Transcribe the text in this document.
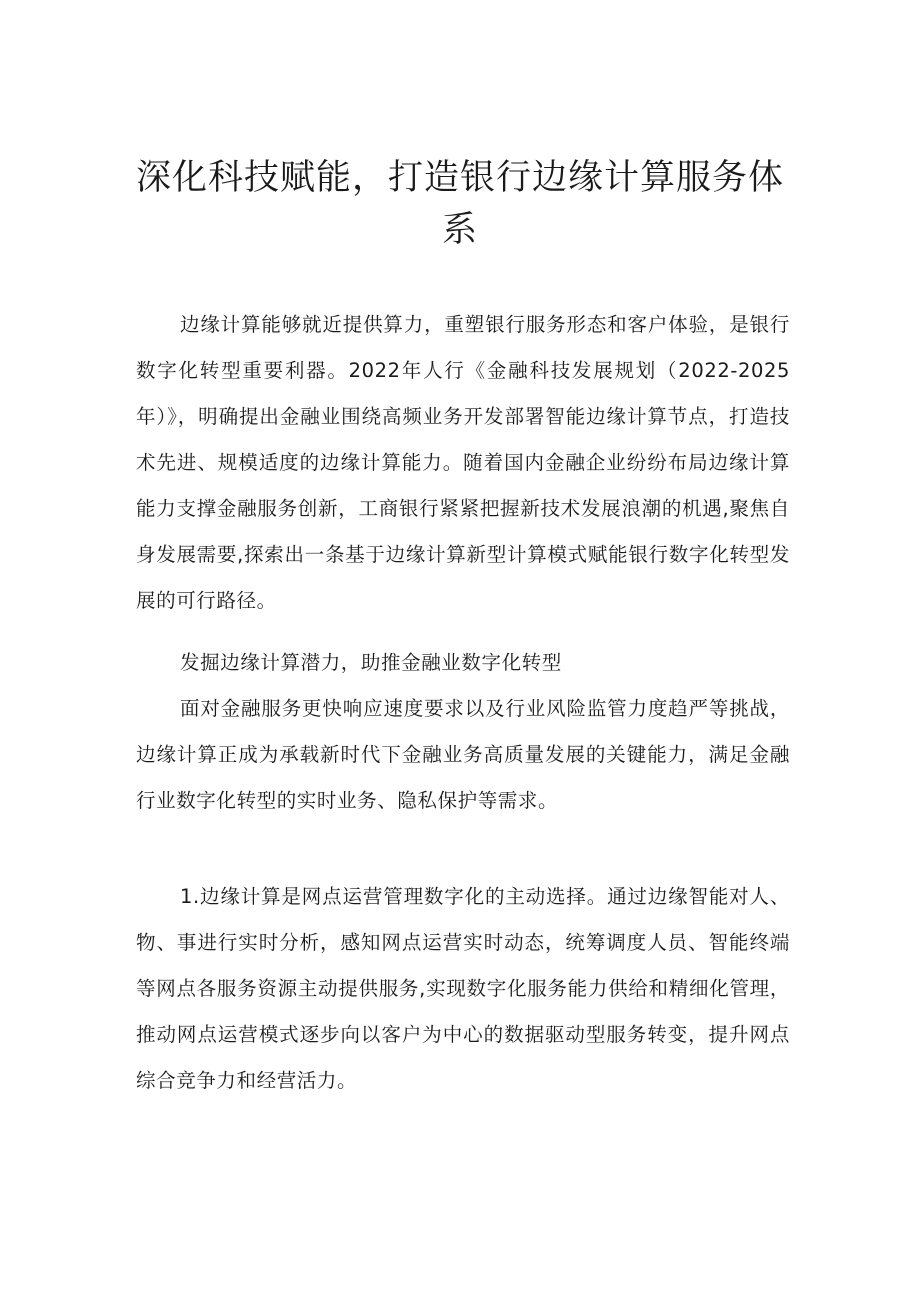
深化科技赋能，打造银行边缘计算服务体系

边缘计算能够就近提供算力，重塑银行服务形态和客户体验，是银行数字化转型重要利器。2022年人行《金融科技发展规划（2022-2025年）》，明确提出金融业围绕高频业务开发部署智能边缘计算节点，打造技术先进、规模适度的边缘计算能力。随着国内金融企业纷纷布局边缘计算能力支撑金融服务创新，工商银行紧紧把握新技术发展浪潮的机遇,聚焦自身发展需要,探索出一条基于边缘计算新型计算模式赋能银行数字化转型发展的可行路径。

发掘边缘计算潜力，助推金融业数字化转型

面对金融服务更快响应速度要求以及行业风险监管力度趋严等挑战，边缘计算正成为承载新时代下金融业务高质量发展的关键能力，满足金融行业数字化转型的实时业务、隐私保护等需求。

1.边缘计算是网点运营管理数字化的主动选择。通过边缘智能对人、物、事进行实时分析，感知网点运营实时动态，统筹调度人员、智能终端等网点各服务资源主动提供服务,实现数字化服务能力供给和精细化管理，推动网点运营模式逐步向以客户为中心的数据驱动型服务转变，提升网点综合竞争力和经营活力。
